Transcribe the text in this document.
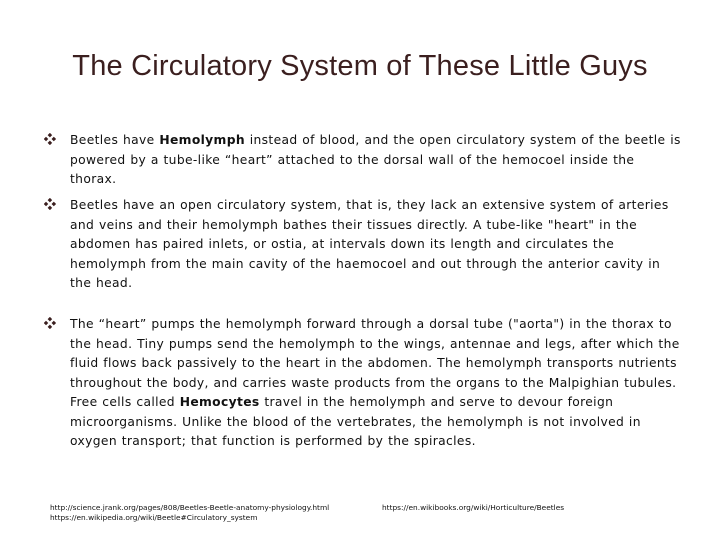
The Circulatory System of These Little Guys
Beetles have Hemolymph instead of blood, and the open circulatory system of the beetle is powered by a tube-like “heart” attached to the dorsal wall of the hemocoel inside the thorax.
Beetles have an open circulatory system, that is, they lack an extensive system of arteries and veins and their hemolymph bathes their tissues directly. A tube-like "heart" in the abdomen has paired inlets, or ostia, at intervals down its length and circulates the hemolymph from the main cavity of the haemocoel and out through the anterior cavity in the head.
The “heart” pumps the hemolymph forward through a dorsal tube ("aorta") in the thorax to the head. Tiny pumps send the hemolymph to the wings, antennae and legs, after which the fluid flows back passively to the heart in the abdomen. The hemolymph transports nutrients throughout the body, and carries waste products from the organs to the Malpighian tubules. Free cells called Hemocytes travel in the hemolymph and serve to devour foreign microorganisms. Unlike the blood of the vertebrates, the hemolymph is not involved in oxygen transport; that function is performed by the spiracles.
http://science.jrank.org/pages/808/Beetles-Beetle-anatomy-physiology.html
https://en.wikipedia.org/wiki/Beetle#Circulatory_system
https://en.wikibooks.org/wiki/Horticulture/Beetles
